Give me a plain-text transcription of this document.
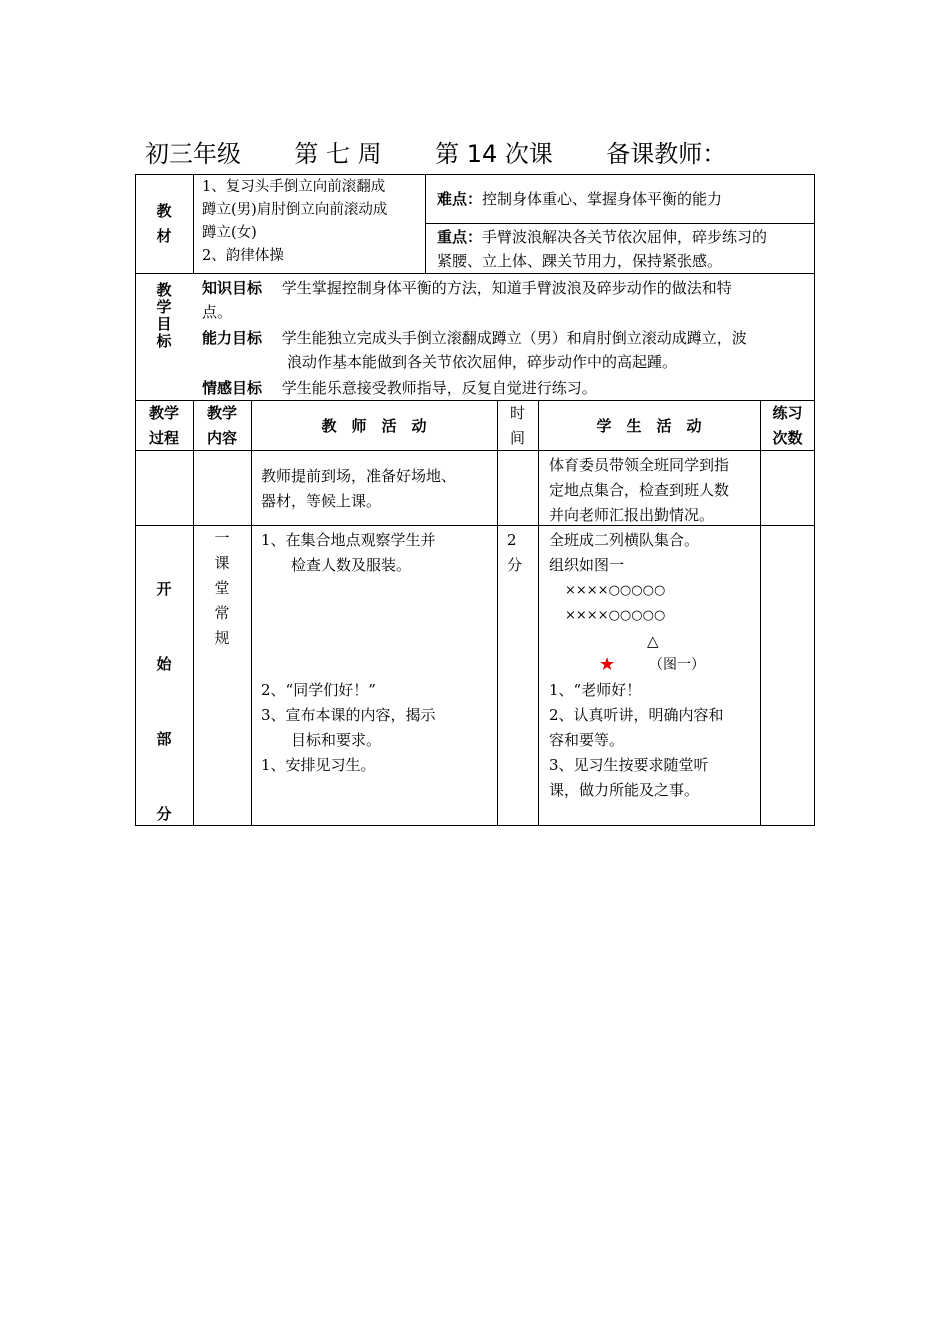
初三年级 第 七 周 第 14 次课 备课教师：
教
材
1、复习头手倒立向前滚翻成
蹲立(男)肩肘倒立向前滚动成
蹲立(女)
2、韵律体操
难点：控制身体重心、掌握身体平衡的能力
重点：手臂波浪解决各关节依次屈伸，碎步练习的
紧腰、立上体、踝关节用力，保持紧张感。
教
学
目
标
知识目标　 学生掌握控制身体平衡的方法，知道手臂波浪及碎步动作的做法和特
点。
能力目标　 学生能独立完成头手倒立滚翻成蹲立（男）和肩肘倒立滚动成蹲立，波
浪动作基本能做到各关节依次屈伸，碎步动作中的高起踵。
情感目标　 学生能乐意接受教师指导，反复自觉进行练习。
教学
过程
教学
内容
教　师　活　动
时
间
学　生　活　动
练习
次数
教师提前到场，准备好场地、
器材，等候上课。
体育委员带领全班同学到指
定地点集合，检查到班人数
并向老师汇报出勤情况。
开

始

部

分
一
课
堂
常
规
1、在集合地点观察学生并
　　检查人数及服装。
2、“同学们好！”
3、宣布本课的内容，揭示
　　目标和要求。
1、安排见习生。
2
分
全班成二列横队集合。
组织如图一
××××○○○○○
××××○○○○○
△
★ （图一）
1、“老师好！
2、认真听讲，明确内容和
容和要等。
3、见习生按要求随堂听
课，做力所能及之事。
